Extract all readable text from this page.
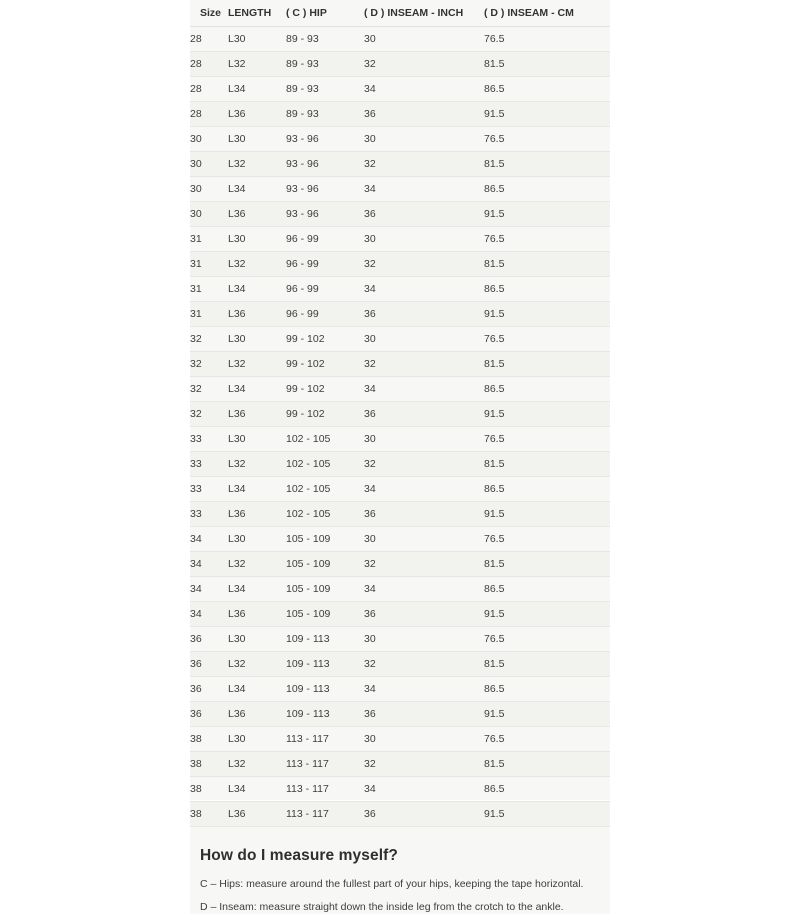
Size	LENGTH	( C ) HIP	( D ) INSEAM - INCH	( D ) INSEAM - CM
28	L30	89 - 93	30	76.5
28	L32	89 - 93	32	81.5
28	L34	89 - 93	34	86.5
28	L36	89 - 93	36	91.5
30	L30	93 - 96	30	76.5
30	L32	93 - 96	32	81.5
30	L34	93 - 96	34	86.5
30	L36	93 - 96	36	91.5
31	L30	96 - 99	30	76.5
31	L32	96 - 99	32	81.5
31	L34	96 - 99	34	86.5
31	L36	96 - 99	36	91.5
32	L30	99 - 102	30	76.5
32	L32	99 - 102	32	81.5
32	L34	99 - 102	34	86.5
32	L36	99 - 102	36	91.5
33	L30	102 - 105	30	76.5
33	L32	102 - 105	32	81.5
33	L34	102 - 105	34	86.5
33	L36	102 - 105	36	91.5
34	L30	105 - 109	30	76.5
34	L32	105 - 109	32	81.5
34	L34	105 - 109	34	86.5
34	L36	105 - 109	36	91.5
36	L30	109 - 113	30	76.5
36	L32	109 - 113	32	81.5
36	L34	109 - 113	34	86.5
36	L36	109 - 113	36	91.5
38	L30	113 - 117	30	76.5
38	L32	113 - 117	32	81.5
38	L34	113 - 117	34	86.5
38	L36	113 - 117	36	91.5
How do I measure myself?

C – Hips: measure around the fullest part of your hips, keeping the tape horizontal.

D – Inseam: measure straight down the inside leg from the crotch to the ankle.
